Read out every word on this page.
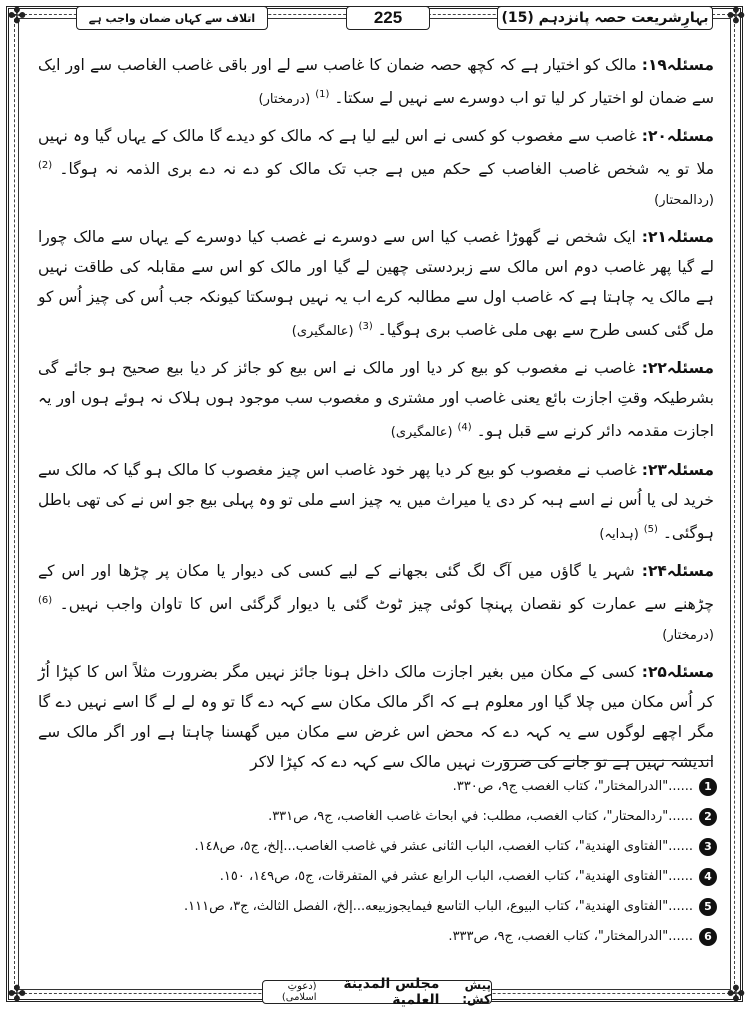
✤	✤
✤	✤
بہارِشریعت حصہ پانزدہم (15)
225
اتلاف سے کہاں ضمان واجب ہے

مسئلہ۱۹: مالک کو اختیار ہے کہ کچھ حصہ ضمان کا غاصب سے لے اور باقی غاصب الغاصب سے اور ایک سے ضمان لو اختیار کر لیا تو اب دوسرے سے نہیں لے سکتا۔ $^{(1)}$ (درمختار)

مسئلہ۲۰: غاصب سے مغصوب کو کسی نے اس لیے لیا ہے کہ مالک کو دیدے گا مالک کے یہاں گیا وہ نہیں ملا تو یہ شخص غاصب الغاصب کے حکم میں ہے جب تک مالک کو دے نہ دے بری الذمہ نہ ہوگا۔ $^{(2)}$ (ردالمحتار)

مسئلہ۲۱: ایک شخص نے گھوڑا غصب کیا اس سے دوسرے نے غصب کیا دوسرے کے یہاں سے مالک چورا لے گیا پھر غاصب دوم اس مالک سے زبردستی چھین لے گیا اور مالک کو اس سے مقابلہ کی طاقت نہیں ہے مالک یہ چاہتا ہے کہ غاصب اول سے مطالبہ کرے اب یہ نہیں ہوسکتا کیونکہ جب اُس کی چیز اُس کو مل گئی کسی طرح سے بھی ملی غاصب بری ہوگیا۔ $^{(3)}$ (عالمگیری)

مسئلہ۲۲: غاصب نے مغصوب کو بیع کر دیا اور مالک نے اس بیع کو جائز کر دیا بیع صحیح ہو جائے گی بشرطیکہ وقتِ اجازت بائع یعنی غاصب اور مشتری و مغصوب سب موجود ہوں ہلاک نہ ہوئے ہوں اور یہ اجازت مقدمہ دائر کرنے سے قبل ہو۔ $^{(4)}$ (عالمگیری)

مسئلہ۲۳: غاصب نے مغصوب کو بیع کر دیا پھر خود غاصب اس چیز مغصوب کا مالک ہو گیا کہ مالک سے خرید لی یا اُس نے اسے ہبہ کر دی یا میراث میں یہ چیز اسے ملی تو وہ پہلی بیع جو اس نے کی تھی باطل ہوگئی۔ $^{(5)}$ (ہدایہ)

مسئلہ۲۴: شہر یا گاؤں میں آگ لگ گئی بجھانے کے لیے کسی کی دیوار یا مکان پر چڑھا اور اس کے چڑھنے سے عمارت کو نقصان پہنچا کوئی چیز ٹوٹ گئی یا دیوار گرگئی اس کا تاوان واجب نہیں۔ $^{(6)}$ (درمختار)

مسئلہ۲۵: کسی کے مکان میں بغیر اجازت مالک داخل ہونا جائز نہیں مگر بضرورت مثلاً اس کا کپڑا اُڑ کر اُس مکان میں چلا گیا اور معلوم ہے کہ اگر مالک مکان سے کہہ دے گا تو وہ لے لے گا اسے نہیں دے گا مگر اچھے لوگوں سے یہ کہہ دے کہ محض اس غرض سے مکان میں گھسنا چاہتا ہے اور اگر مالک سے اندیشہ نہیں ہے تو جانے کی ضرورت نہیں مالک سے کہہ دے کہ کپڑا لاکر

1
......"الدرالمختار"، كتاب الغصب ج٩، ص٣٣٠.
2
......"ردالمحتار"، كتاب الغصب، مطلب: في ابحاث غاصب الغاصب، ج٩، ص٣٣١.
3
......"الفتاوى الهندية"، كتاب الغصب، الباب الثانى عشر في غاصب الغاصب...إلخ، ج٥، ص١٤٨.
4
......"الفتاوى الهندية"، كتاب الغصب، الباب الرابع عشر في المتفرقات، ج٥، ص١٤٩، ١٥٠.
5
......"الفتاوى الهندية"، كتاب البيوع، الباب التاسع فيمايجوزبيعه...إلخ، الفصل الثالث، ج٣، ص١١١.
6
......"الدرالمختار"، كتاب الغصب، ج٩، ص٣٣٣.
پیش کش:
مجلس المدینة العلمیة
(دعوتِ اسلامی)
